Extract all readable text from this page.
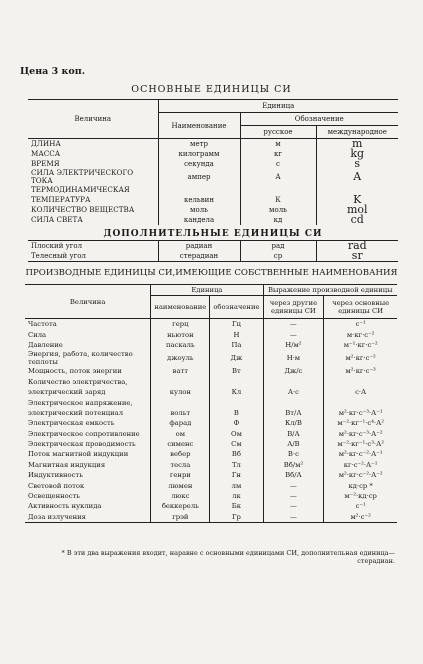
Цена 3 коп.
ОСНОВНЫЕ ЕДИНИЦЫ СИ
Величина	Единица		
	Наименование	Обозначение	
		русское	международное
ДЛИНА	метр	м	m
МАССА	килограмм	кг	kg
ВРЕМЯ	секунда	с	s
СИЛА ЭЛЕКТРИЧЕСКОГО ТОКА	ампер	А	A
ТЕРМОДИНАМИЧЕСКАЯ			
ТЕМПЕРАТУРА	кельвин	К	K
КОЛИЧЕСТВО ВЕЩЕСТВА	моль	моль	mol
СИЛА СВЕТА	кандела	кд	cd
ДОПОЛНИТЕЛЬНЫЕ ЕДИНИЦЫ СИ			
Плоский угол	радиан	рад	rad
Телесный угол	стерадиан	ср	sr
ПРОИЗВОДНЫЕ ЕДИНИЦЫ СИ,ИМЕЮЩИЕ СОБСТВЕННЫЕ НАИМЕНОВАНИЯ
Величина	Единица		Выражение производной единицы	
	наименование	обозначение	через другие единицы СИ	через основные единицы СИ
Частота	герц	Гц	—	с⁻¹
Сила	ньютон	Н	—	м·кг·с⁻²
Давление	паскаль	Па	Н/м²	м⁻¹·кг·с⁻²
Энергия, работа, количество теплоты	джоуль	Дж	Н·м	м²·кг·с⁻²
Мощность, поток энергии	ватт	Вт	Дж/с	м²·кг·с⁻³
Количество электричества,				
электрический заряд	кулон	Кл	А·с	с·А
Электрическое напряжение,				
электрический потенциал	вольт	В	Вт/А	м²·кг·с⁻³·А⁻¹
Электрическая емкость	фарад	Ф	Кл/В	м⁻²·кг⁻¹·с⁴·А²
Электрическое сопротивление	ом	Ом	В/А	м²·кг·с⁻³·А⁻²
Электрическая проводимость	сименс	См	А/В	м⁻²·кг⁻¹·с³·А²
Поток магнитной индукции	вебер	Вб	В·с	м²·кг·с⁻²·А⁻¹
Магнитная индукция	тесла	Тл	Вб/м²	кг·с⁻²·А⁻¹
Индуктивность	генри	Гн	Вб/А	м²·кг·с⁻²·А⁻²
Световой поток	люмен	лм	—	кд·ср *
Освещенность	люкс	лк	—	м⁻²·кд·ср
Активность нуклида	беккерель	Бк	—	с⁻¹
Доза излучения	грэй	Гр	—	м²·с⁻²
* В эти два выражения входит, наравне с основными единицами СИ, дополнительная единица—стерадиан.
